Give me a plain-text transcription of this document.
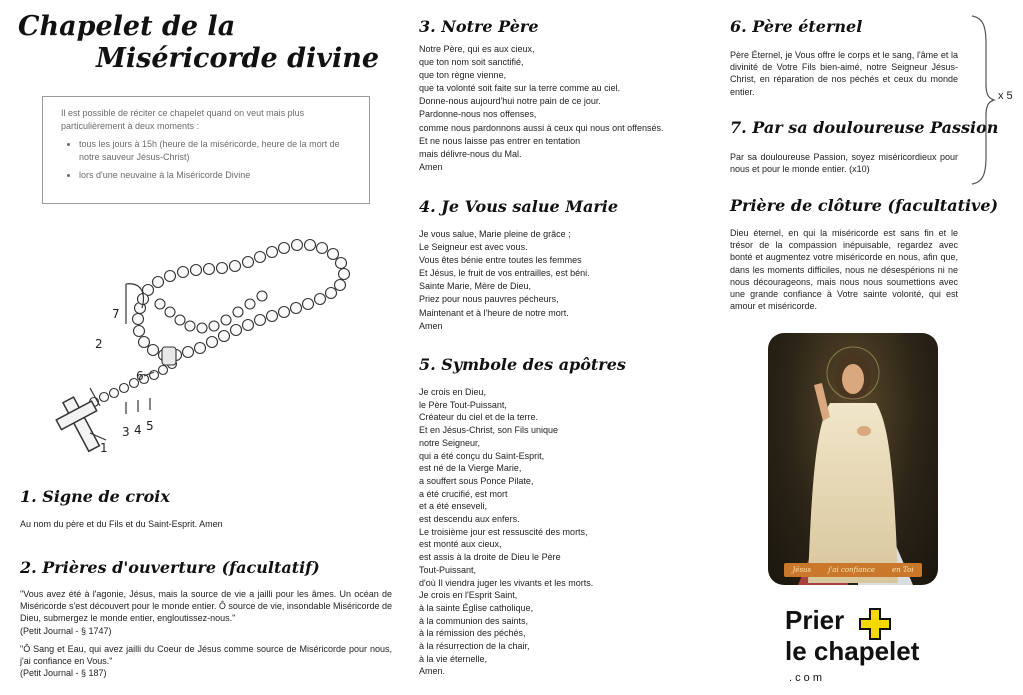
Chapelet de la
Miséricorde divine
Il est possible de réciter ce chapelet quand on veut mais plus particulièrement à deux moments :
• tous les jours à 15h (heure de la miséricorde, heure de la mort de notre sauveur Jésus-Christ)
• lors d'une neuvaine à la Miséricorde Divine
1
2
3 4 5
6
7
1. Signe de croix
Au nom du père et du Fils et du Saint-Esprit. Amen
2. Prières d'ouverture (facultatif)
"Vous avez été à l'agonie, Jésus, mais la source de vie a jailli pour les âmes. Un océan de Miséricorde s'est découvert pour le monde entier. Ô source de vie, insondable Miséricorde de Dieu, submergez le monde entier, engloutissez-nous."
(Petit Journal - § 1747)
"Ô Sang et Eau, qui avez jailli du Coeur de Jésus comme source de Miséricorde pour nous, j'ai confiance en Vous."
(Petit Journal - § 187)
3. Notre Père
Notre Père, qui es aux cieux,
que ton nom soit sanctifié,
que ton règne vienne,
que ta volonté soit faite sur la terre comme au ciel.
Donne-nous aujourd'hui notre pain de ce jour.
Pardonne-nous nos offenses,
comme nous pardonnons aussi à ceux qui nous ont offensés.
Et ne nous laisse pas entrer en tentation
mais délivre-nous du Mal.
Amen
4. Je Vous salue Marie
Je vous salue, Marie pleine de grâce ;
Le Seigneur est avec vous.
Vous êtes bénie entre toutes les femmes
Et Jésus, le fruit de vos entrailles, est béni.
Sainte Marie, Mère de Dieu,
Priez pour nous pauvres pécheurs,
Maintenant et à l'heure de notre mort.
Amen
5. Symbole des apôtres
Je crois en Dieu,
le Père Tout-Puissant,
Créateur du ciel et de la terre.
Et en Jésus-Christ, son Fils unique
notre Seigneur,
qui a été conçu du Saint-Esprit,
est né de la Vierge Marie,
a souffert sous Ponce Pilate,
a été crucifié, est mort
et a été enseveli,
est descendu aux enfers.
Le troisième jour est ressuscité des morts,
est monté aux cieux,
est assis à la droite de Dieu le Père
Tout-Puissant,
d'où Il viendra juger les vivants et les morts.
Je crois en l'Esprit Saint,
à la sainte Église catholique,
à la communion des saints,
à la rémission des péchés,
à la résurrection de la chair,
à la vie éternelle,
Amen.
6. Père éternel
Père Éternel, je Vous offre le corps et le sang, l'âme et la divinité de Votre Fils bien-aimé, notre Seigneur Jésus-Christ, en réparation de nos péchés et ceux du monde entier.
7. Par sa douloureuse Passion
Par sa douloureuse Passion, soyez miséricordieux pour nous et pour le monde entier. (x10)
x 5
Prière de clôture (facultative)
Dieu éternel, en qui la miséricorde est sans fin et le trésor de la compassion inépuisable, regardez avec bonté et augmentez votre miséricorde en nous, afin que, dans les moments difficiles, nous ne désespérions ni ne nous décourageons, mais nous nous soumettions avec une grande confiance à Votre sainte volonté, qui est amour et miséricorde.
Jésus j'ai confiance en Toi
Prier
le chapelet
. c o m
